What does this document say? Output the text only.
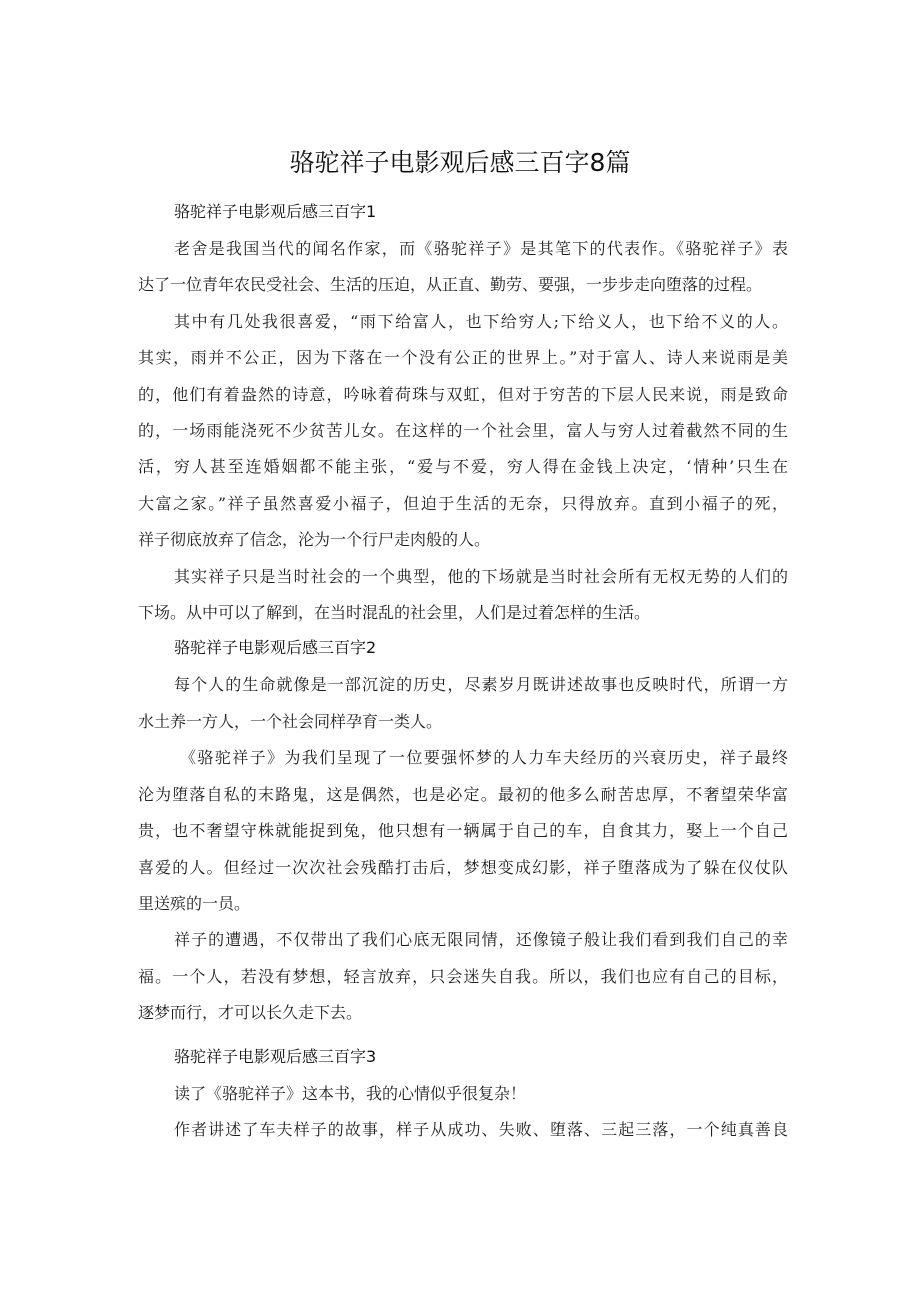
骆驼祥子电影观后感三百字8篇
骆驼祥子电影观后感三百字1
老舍是我国当代的闻名作家，而《骆驼祥子》是其笔下的代表作。《骆驼祥子》表
达了一位青年农民受社会、生活的压迫，从正直、勤劳、要强，一步步走向堕落的过程。
其中有几处我很喜爱，“雨下给富人，也下给穷人;下给义人，也下给不义的人。
其实，雨并不公正，因为下落在一个没有公正的世界上。”对于富人、诗人来说雨是美
的，他们有着盎然的诗意，吟咏着荷珠与双虹，但对于穷苦的下层人民来说，雨是致命
的，一场雨能浇死不少贫苦儿女。在这样的一个社会里，富人与穷人过着截然不同的生
活，穷人甚至连婚姻都不能主张，“爱与不爱，穷人得在金钱上决定，‘情种’只生在
大富之家。”祥子虽然喜爱小福子，但迫于生活的无奈，只得放弃。直到小福子的死，
祥子彻底放弃了信念，沦为一个行尸走肉般的人。
其实祥子只是当时社会的一个典型，他的下场就是当时社会所有无权无势的人们的
下场。从中可以了解到，在当时混乱的社会里，人们是过着怎样的生活。
骆驼祥子电影观后感三百字2
每个人的生命就像是一部沉淀的历史，尽素岁月既讲述故事也反映时代，所谓一方
水土养一方人，一个社会同样孕育一类人。
《骆驼祥子》为我们呈现了一位要强怀梦的人力车夫经历的兴衰历史，祥子最终
沦为堕落自私的末路鬼，这是偶然，也是必定。最初的他多么耐苦忠厚，不奢望荣华富
贵，也不奢望守株就能捉到兔，他只想有一辆属于自己的车，自食其力，娶上一个自己
喜爱的人。但经过一次次社会残酷打击后，梦想变成幻影，祥子堕落成为了躲在仪仗队
里送殡的一员。
祥子的遭遇，不仅带出了我们心底无限同情，还像镜子般让我们看到我们自己的幸
福。一个人，若没有梦想，轻言放弃，只会迷失自我。所以，我们也应有自己的目标，
逐梦而行，才可以长久走下去。
骆驼祥子电影观后感三百字3
读了《骆驼祥子》这本书，我的心情似乎很复杂！
作者讲述了车夫样子的故事，样子从成功、失败、堕落、三起三落，一个纯真善良
